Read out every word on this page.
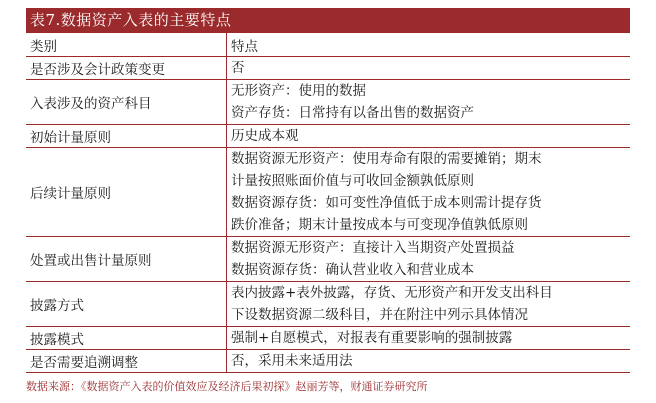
表7.数据资产入表的主要特点
类别	特点
是否涉及会计政策变更	否

入表涉及的资产科目	无形资产：使用的数据
资产存货：日常持有以备出售的数据资产

初始计量原则	历史成本观

后续计量原则	数据资源无形资产：使用寿命有限的需要摊销；期末
计量按照账面价值与可收回金额孰低原则
数据资源存货：如可变性净值低于成本则需计提存货
跌价准备；期末计量按成本与可变现净值孰低原则

处置或出售计量原则	数据资源无形资产：直接计入当期资产处置损益
数据资源存货：确认营业收入和营业成本

披露方式	表内披露+表外披露，存货、无形资产和开发支出科目
下设数据资源二级科目，并在附注中列示具体情况

披露模式	强制+自愿模式，对报表有重要影响的强制披露

是否需要追溯调整	否，采用未来适用法
数据来源：《数据资产入表的价值效应及经济后果初探》赵丽芳等，财通证券研究所
